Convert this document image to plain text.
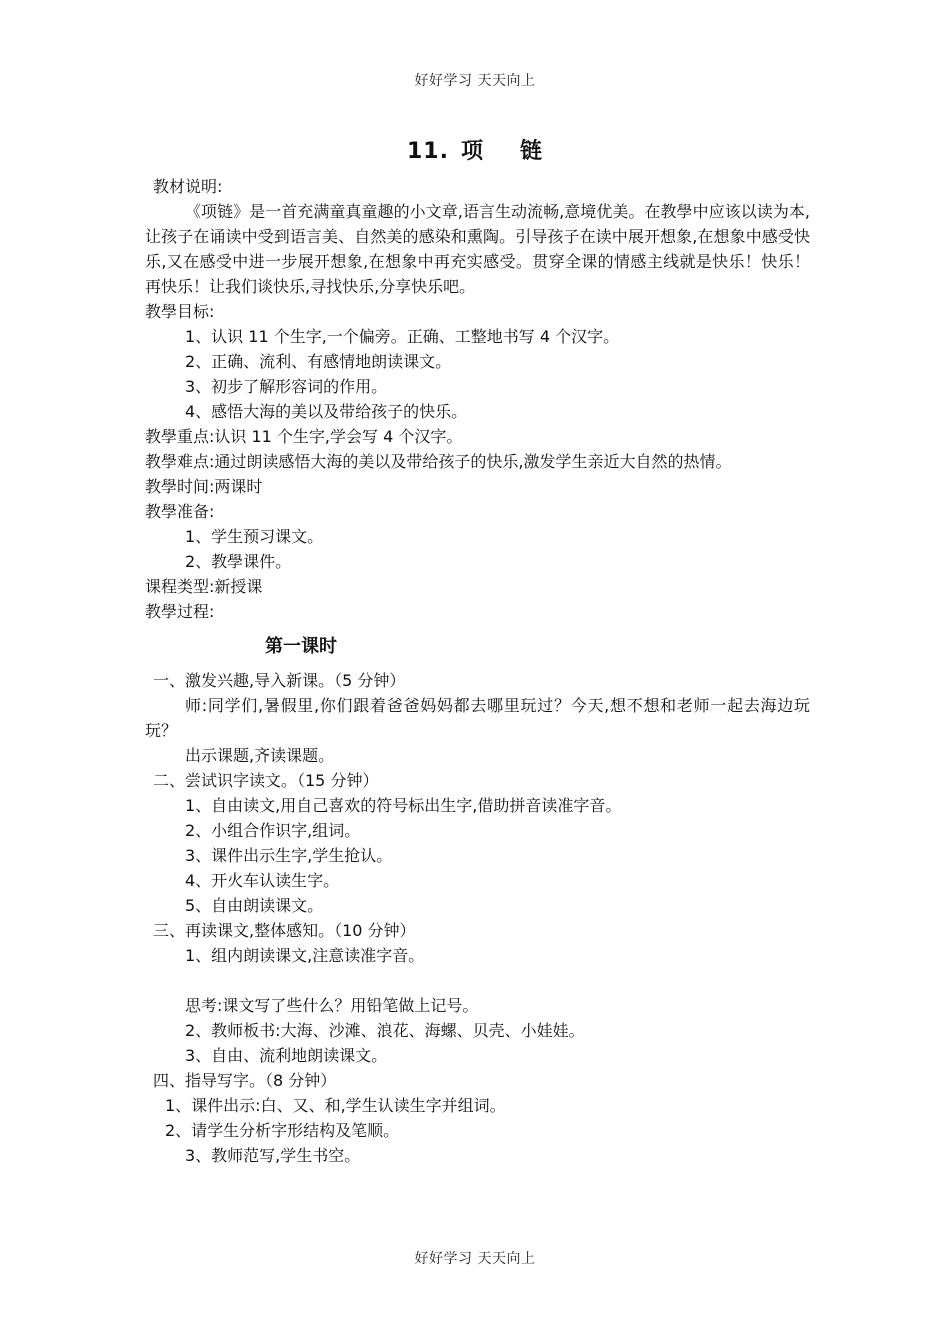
好好学习 天天向上
11. 项 链
教材说明:
《项链》是一首充满童真童趣的小文章,语言生动流畅,意境优美。在教學中应该以读为本,让孩子在诵读中受到语言美、自然美的感染和熏陶。引导孩子在读中展开想象,在想象中感受快乐,又在感受中进一步展开想象,在想象中再充实感受。贯穿全课的情感主线就是快乐！快乐！再快乐！让我们谈快乐,寻找快乐,分享快乐吧。
教學目标:
1、认识 11 个生字,一个偏旁。正确、工整地书写 4 个汉字。
2、正确、流利、有感情地朗读课文。
3、初步了解形容词的作用。
4、感悟大海的美以及带给孩子的快乐。
教學重点:认识 11 个生字,学会写 4 个汉字。
教學难点:通过朗读感悟大海的美以及带给孩子的快乐,激发学生亲近大自然的热情。
教學时间:两课时
教學准备:
1、学生预习课文。
2、教學课件。
课程类型:新授课
教學过程:
第一课时
一、激发兴趣,导入新课。（5 分钟）
师:同学们,暑假里,你们跟着爸爸妈妈都去哪里玩过？今天,想不想和老师一起去海边玩玩？
出示课题,齐读课题。
二、尝试识字读文。（15 分钟）
1、自由读文,用自己喜欢的符号标出生字,借助拼音读准字音。
2、小组合作识字,组词。
3、课件出示生字,学生抢认。
4、开火车认读生字。
5、自由朗读课文。
三、再读课文,整体感知。（10 分钟）
1、组内朗读课文,注意读准字音。
思考:课文写了些什么？用铅笔做上记号。
2、教师板书:大海、沙滩、浪花、海螺、贝壳、小娃娃。
3、自由、流利地朗读课文。
四、指导写字。（8 分钟）
1、课件出示:白、又、和,学生认读生字并组词。
2、请学生分析字形结构及笔顺。
3、教师范写,学生书空。
好好学习 天天向上
